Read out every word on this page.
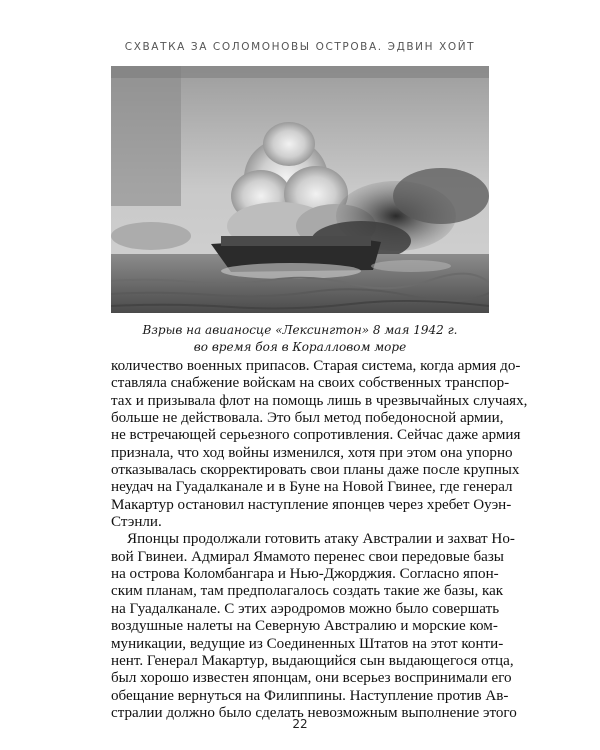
СХВАТКА ЗА СОЛОМОНОВЫ ОСТРОВА. ЭДВИН ХОЙТ
Взрыв на авианосце «Лексингтон» 8 мая 1942 г.
во время боя в Коралловом море
количество военных припасов. Старая система, когда армия до-
ставляла снабжение войскам на своих собственных транспор-
тах и призывала флот на помощь лишь в чрезвычайных случаях,
больше не действовала. Это был метод победоносной армии,
не встречающей серьезного сопротивления. Сейчас даже армия
признала, что ход войны изменился, хотя при этом она упорно
отказывалась скорректировать свои планы даже после крупных
неудач на Гуадалканале и в Буне на Новой Гвинее, где генерал
Макартур остановил наступление японцев через хребет Оуэн-
Стэнли.
Японцы продолжали готовить атаку Австралии и захват Но-
вой Гвинеи. Адмирал Ямамото перенес свои передовые базы
на острова Коломбангара и Нью-Джорджия. Согласно япон-
ским планам, там предполагалось создать такие же базы, как
на Гуадалканале. С этих аэродромов можно было совершать
воздушные налеты на Северную Австралию и морские ком-
муникации, ведущие из Соединенных Штатов на этот конти-
нент. Генерал Макартур, выдающийся сын выдающегося отца,
был хорошо известен японцам, они всерьез воспринимали его
обещание вернуться на Филиппины. Наступление против Ав-
стралии должно было сделать невозможным выполнение этого
22
